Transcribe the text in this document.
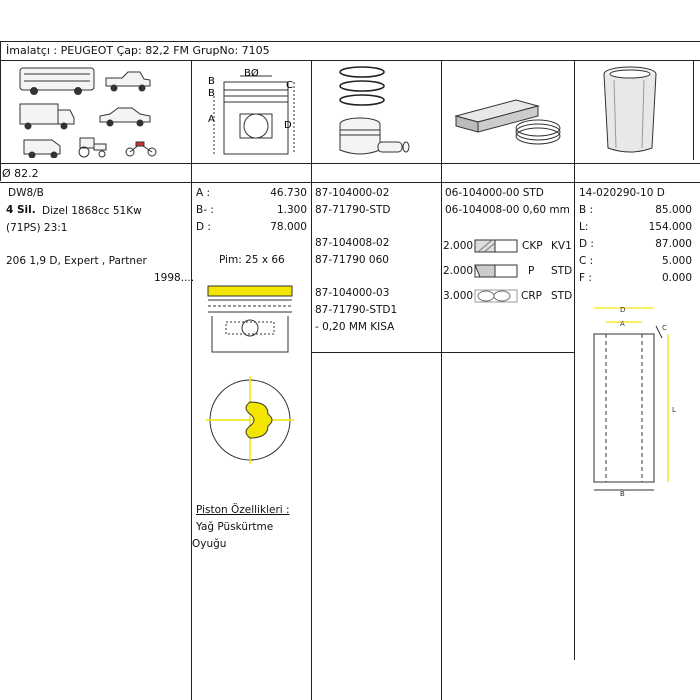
İmalatçı : PEUGEOT Çap: 82,2 FM GrupNo: 7105
Ø 82.2
B
B
BØ
C
A
D
DW8/B
4 Sil. Dizel 1868cc 51Kw
(71PS) 23:1
206 1,9 D, Expert , Partner
1998....
A :	46.730
B- :	1.300
D :	78.000
Pim: 25 x 66
Piston Özellikleri :
Yağ Püskürtme
Oyuğu
87-104000-02
87-71790-STD
87-104008-02
87-71790 060
87-104000-03
87-71790-STD1
- 0,20 MM KISA
06-104000-00 STD
06-104008-00 0,60 mm
2.000	CKP KV1
2.000	P STD
3.000	CRP STD
14-020290-10 D
B :	85.000
L:	154.000
D :	87.000
C :	5.000
F :	0.000
D
A	C
L
B
